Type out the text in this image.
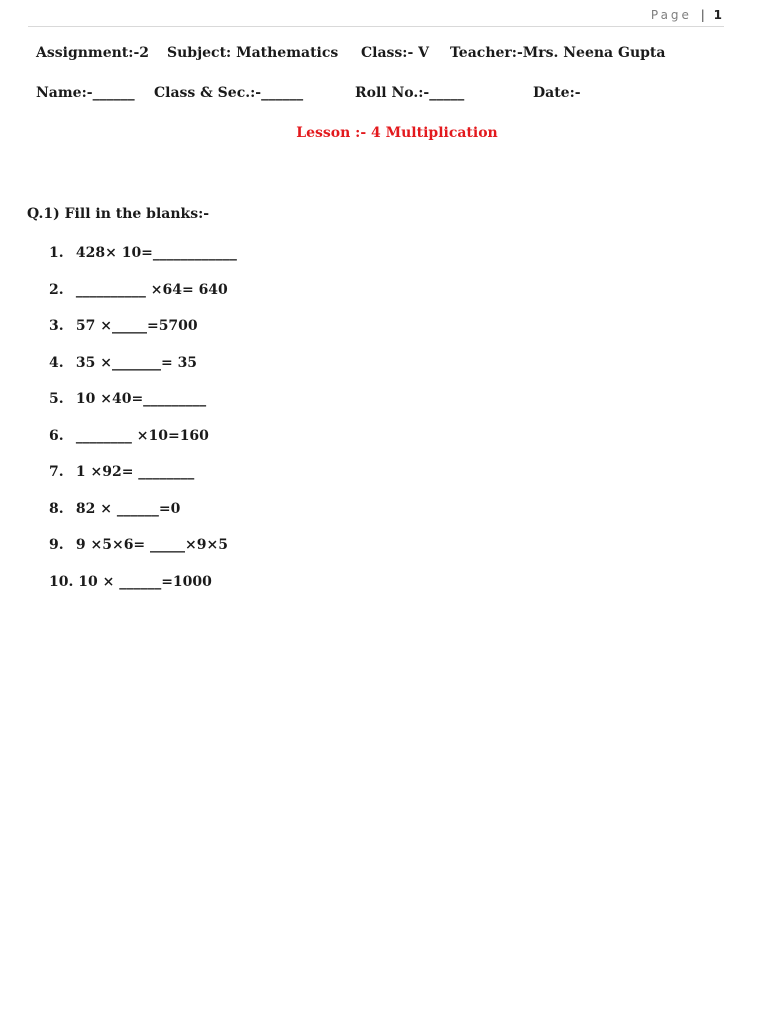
Page | 1
Assignment:-2 Subject: Mathematics Class:- V Teacher:-Mrs. Neena Gupta
Name:-______ Class & Sec.:-______	Roll No.:-_____	Date:-
Lesson :- 4 Multiplication
Q.1) Fill in the blanks:-
1. 428× 10=____________
2. __________ ×64= 640
3. 57 ×_____=5700
4. 35 ×_______= 35
5. 10 ×40=_________
6. ________ ×10=160
7. 1 ×92= ________
8. 82 × ______=0
9. 9 ×5×6= _____×9×5
10. 10 × ______=1000
